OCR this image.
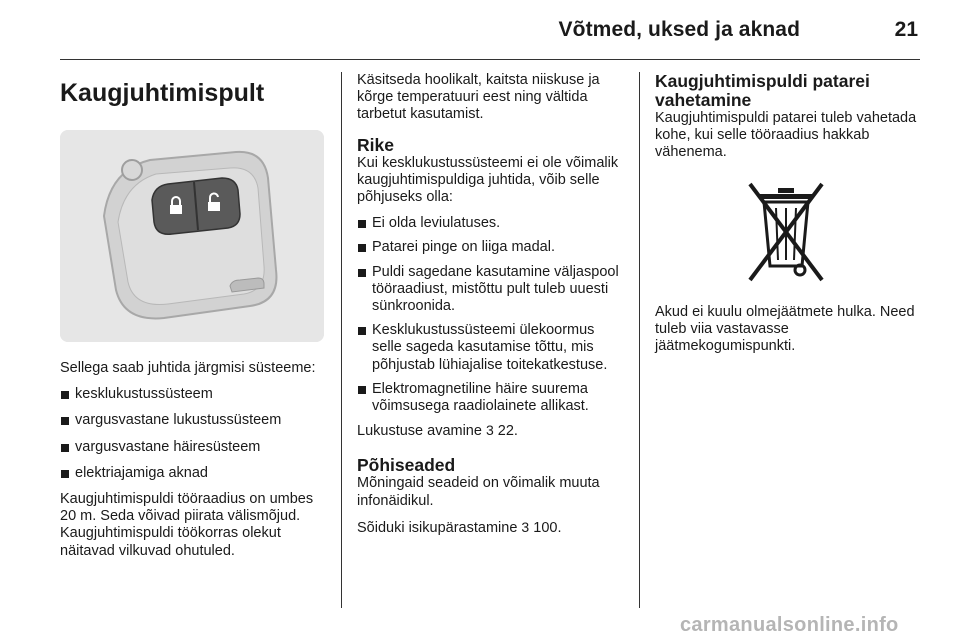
Võtmed, uksed ja aknad	21
Kaugjuhtimispult

Sellega saab juhtida järgmisi süsteeme:

kesklukustussüsteem
vargusvastane lukustussüsteem
vargusvastane häiresüsteem
elektriajamiga aknad

Kaugjuhtimispuldi tööraadius on umbes 20 m. Seda võivad piirata välismõjud. Kaugjuhtimispuldi töökorras olekut näitavad vilkuvad ohutuled.

Käsitseda hoolikalt, kaitsta niiskuse ja kõrge temperatuuri eest ning vältida tarbetut kasutamist.

Rike

Kui kesklukustussüsteemi ei ole võimalik kaugjuhtimispuldiga juhtida, võib selle põhjuseks olla:

Ei olda leviulatuses.
Patarei pinge on liiga madal.
Puldi sagedane kasutamine väljaspool tööraadiust, mistõttu pult tuleb uuesti sünkroonida.
Kesklukustussüsteemi ülekoormus selle sageda kasutamise tõttu, mis põhjustab lühiajalise toitekatkestuse.
Elektromagnetiline häire suurema võimsusega raadiolainete allikast.

Lukustuse avamine 3 22.

Põhiseaded

Mõningaid seadeid on võimalik muuta infonäidikul.

Sõiduki isikupärastamine 3 100.

Kaugjuhtimispuldi patarei vahetamine

Kaugjuhtimispuldi patarei tuleb vahetada kohe, kui selle tööraadius hakkab vähenema.

Akud ei kuulu olmejäätmete hulka. Need tuleb viia vastavasse jäätmekogumispunkti.

carmanualsonline.info
